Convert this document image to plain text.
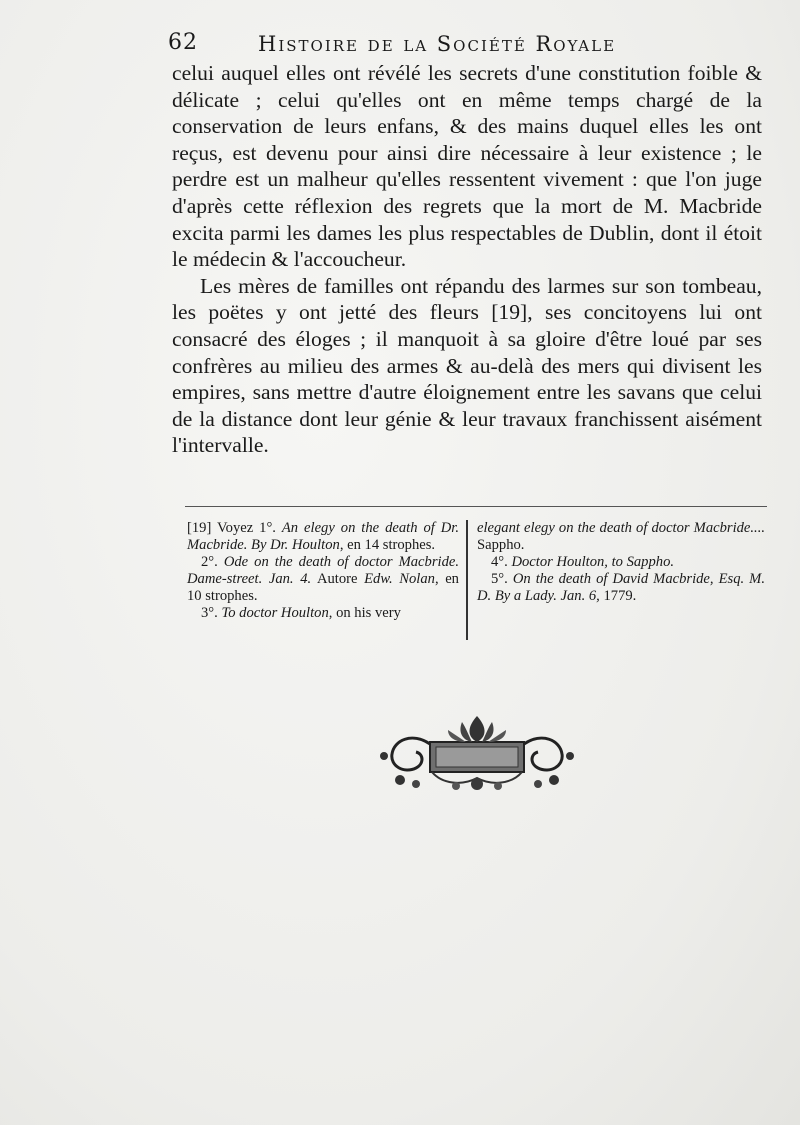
62	Histoire de la Société Royale

celui auquel elles ont révélé les secrets d'une constitution foible & délicate ; celui qu'elles ont en même temps chargé de la conservation de leurs enfans, & des mains duquel elles les ont reçus, est devenu pour ainsi dire nécessaire à leur existence ; le perdre est un malheur qu'elles ressentent vivement : que l'on juge d'après cette réflexion des regrets que la mort de M. Macbride excita parmi les dames les plus respectables de Dublin, dont il étoit le médecin & l'accoucheur.

Les mères de familles ont répandu des larmes sur son tombeau, les poëtes y ont jetté des fleurs [19], ses concitoyens lui ont consacré des éloges ; il manquoit à sa gloire d'être loué par ses confrères au milieu des armes & au-delà des mers qui divisent les empires, sans mettre d'autre éloignement entre les savans que celui de la distance dont leur génie & leur travaux franchissent aisément l'intervalle.

[19] Voyez 1°. An elegy on the death of Dr. Macbride. By Dr. Houlton, en 14 strophes.

2°. Ode on the death of doctor Macbride. Dame-street. Jan. 4. Autore Edw. Nolan, en 10 strophes.

3°. To doctor Houlton, on his very

elegant elegy on the death of doctor Macbride.... Sappho.

4°. Doctor Houlton, to Sappho.

5°. On the death of David Macbride, Esq. M. D. By a Lady. Jan. 6, 1779.
